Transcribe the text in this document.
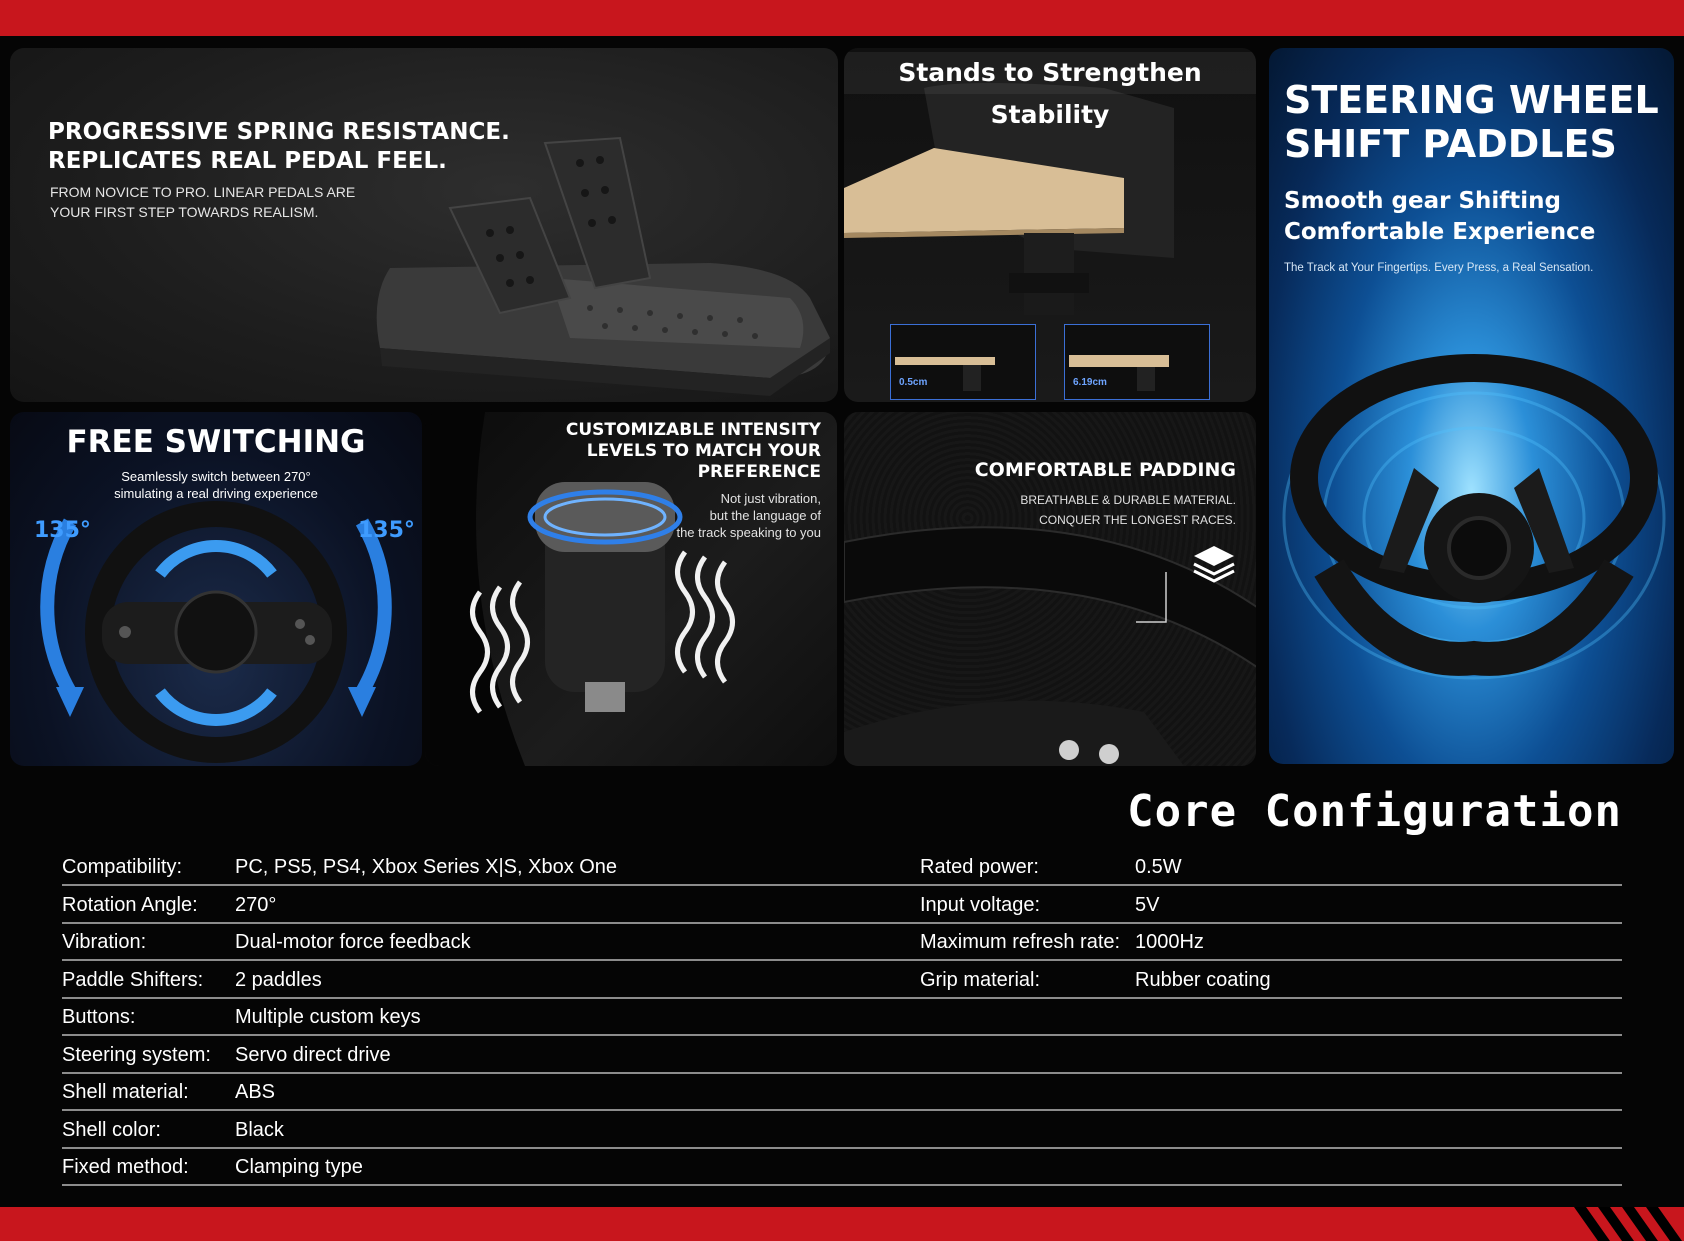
PROGRESSIVE SPRING RESISTANCE.
REPLICATES REAL PEDAL FEEL.
FROM NOVICE TO PRO. LINEAR PEDALS ARE
YOUR FIRST STEP TOWARDS REALISM.
Stands to Strengthen Stability
0.5cm	6.19cm
STEERING WHEEL
SHIFT PADDLES
Smooth gear Shifting
Comfortable Experience
The Track at Your Fingertips. Every Press, a Real Sensation.
FREE SWITCHING
Seamlessly switch between 270°
simulating a real driving experience
135°	135°
CUSTOMIZABLE INTENSITY
LEVELS TO MATCH YOUR
PREFERENCE
Not just vibration,
but the language of
the track speaking to you
COMFORTABLE PADDING
BREATHABLE & DURABLE MATERIAL.
CONQUER THE LONGEST RACES.
Core Configuration
Compatibility:	PC, PS5, PS4, Xbox Series X|S, Xbox One	Rated power:	0.5W
Rotation Angle: 270°	Input voltage:	5V
Vibration:	Dual-motor force feedback	Maximum refresh rate: 1000Hz
Paddle Shifters: 2 paddles	Grip material:	Rubber coating
Buttons:	Multiple custom keys
Steering system: Servo direct drive
Shell material: ABS
Shell color:	Black
Fixed method: Clamping type
